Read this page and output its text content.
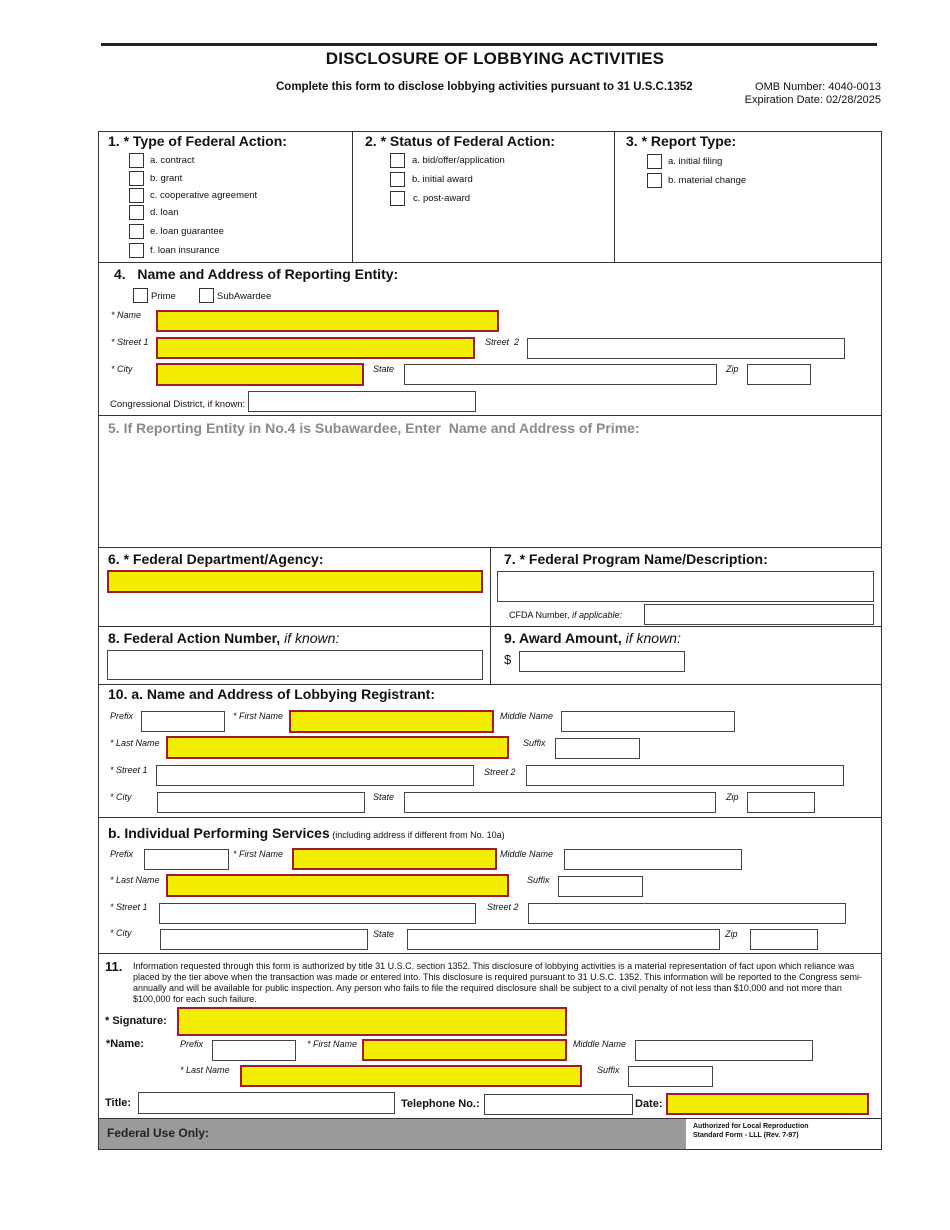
DISCLOSURE OF LOBBYING ACTIVITIES
Complete this form to disclose lobbying activities pursuant to 31 U.S.C.1352	OMB Number: 4040-0013
Expiration Date: 02/28/2025
1. * Type of Federal Action:
a. contract
b. grant
c. cooperative agreement
d. loan
e. loan guarantee
f. loan insurance
2. * Status of Federal Action:
a. bid/offer/application
b. initial award
c. post-award
3. * Report Type:
a. initial filing
b. material change
4.   Name and Address of Reporting Entity:
Prime	SubAwardee
* Name
* Street 1	Street  2
* City	State	Zip
Congressional District, if known:
5. If Reporting Entity in No.4 is Subawardee, Enter  Name and Address of Prime:
6. * Federal Department/Agency:	7. * Federal Program Name/Description:
CFDA Number, if applicable:
8. Federal Action Number, if known:	9. Award Amount, if known:
$
10. a. Name and Address of Lobbying Registrant:
Prefix	* First Name	Middle Name
* Last Name	Suffix
* Street 1	Street 2
* City	State	Zip
b. Individual Performing Services (including address if different from No. 10a)
Prefix	* First Name	Middle Name
* Last Name	Suffix
* Street 1	Street 2
* City	State	Zip
11. Information requested through this form is authorized by title 31 U.S.C. section 1352. This disclosure of lobbying activities is a material representation of fact upon which reliance was placed by the tier above when the transaction was made or entered into. This disclosure is required pursuant to 31 U.S.C. 1352. This information will be reported to the Congress semi-annually and will be available for public inspection. Any person who fails to file the required disclosure shall be subject to a civil penalty of not less than $10,000 and not more than $100,000 for each such failure.
* Signature:
*Name:	Prefix	* First Name	Middle Name
* Last Name	Suffix
Title:	Telephone No.:	Date:
Federal Use Only:	Authorized for Local Reproduction
Standard Form - LLL (Rev. 7-97)
